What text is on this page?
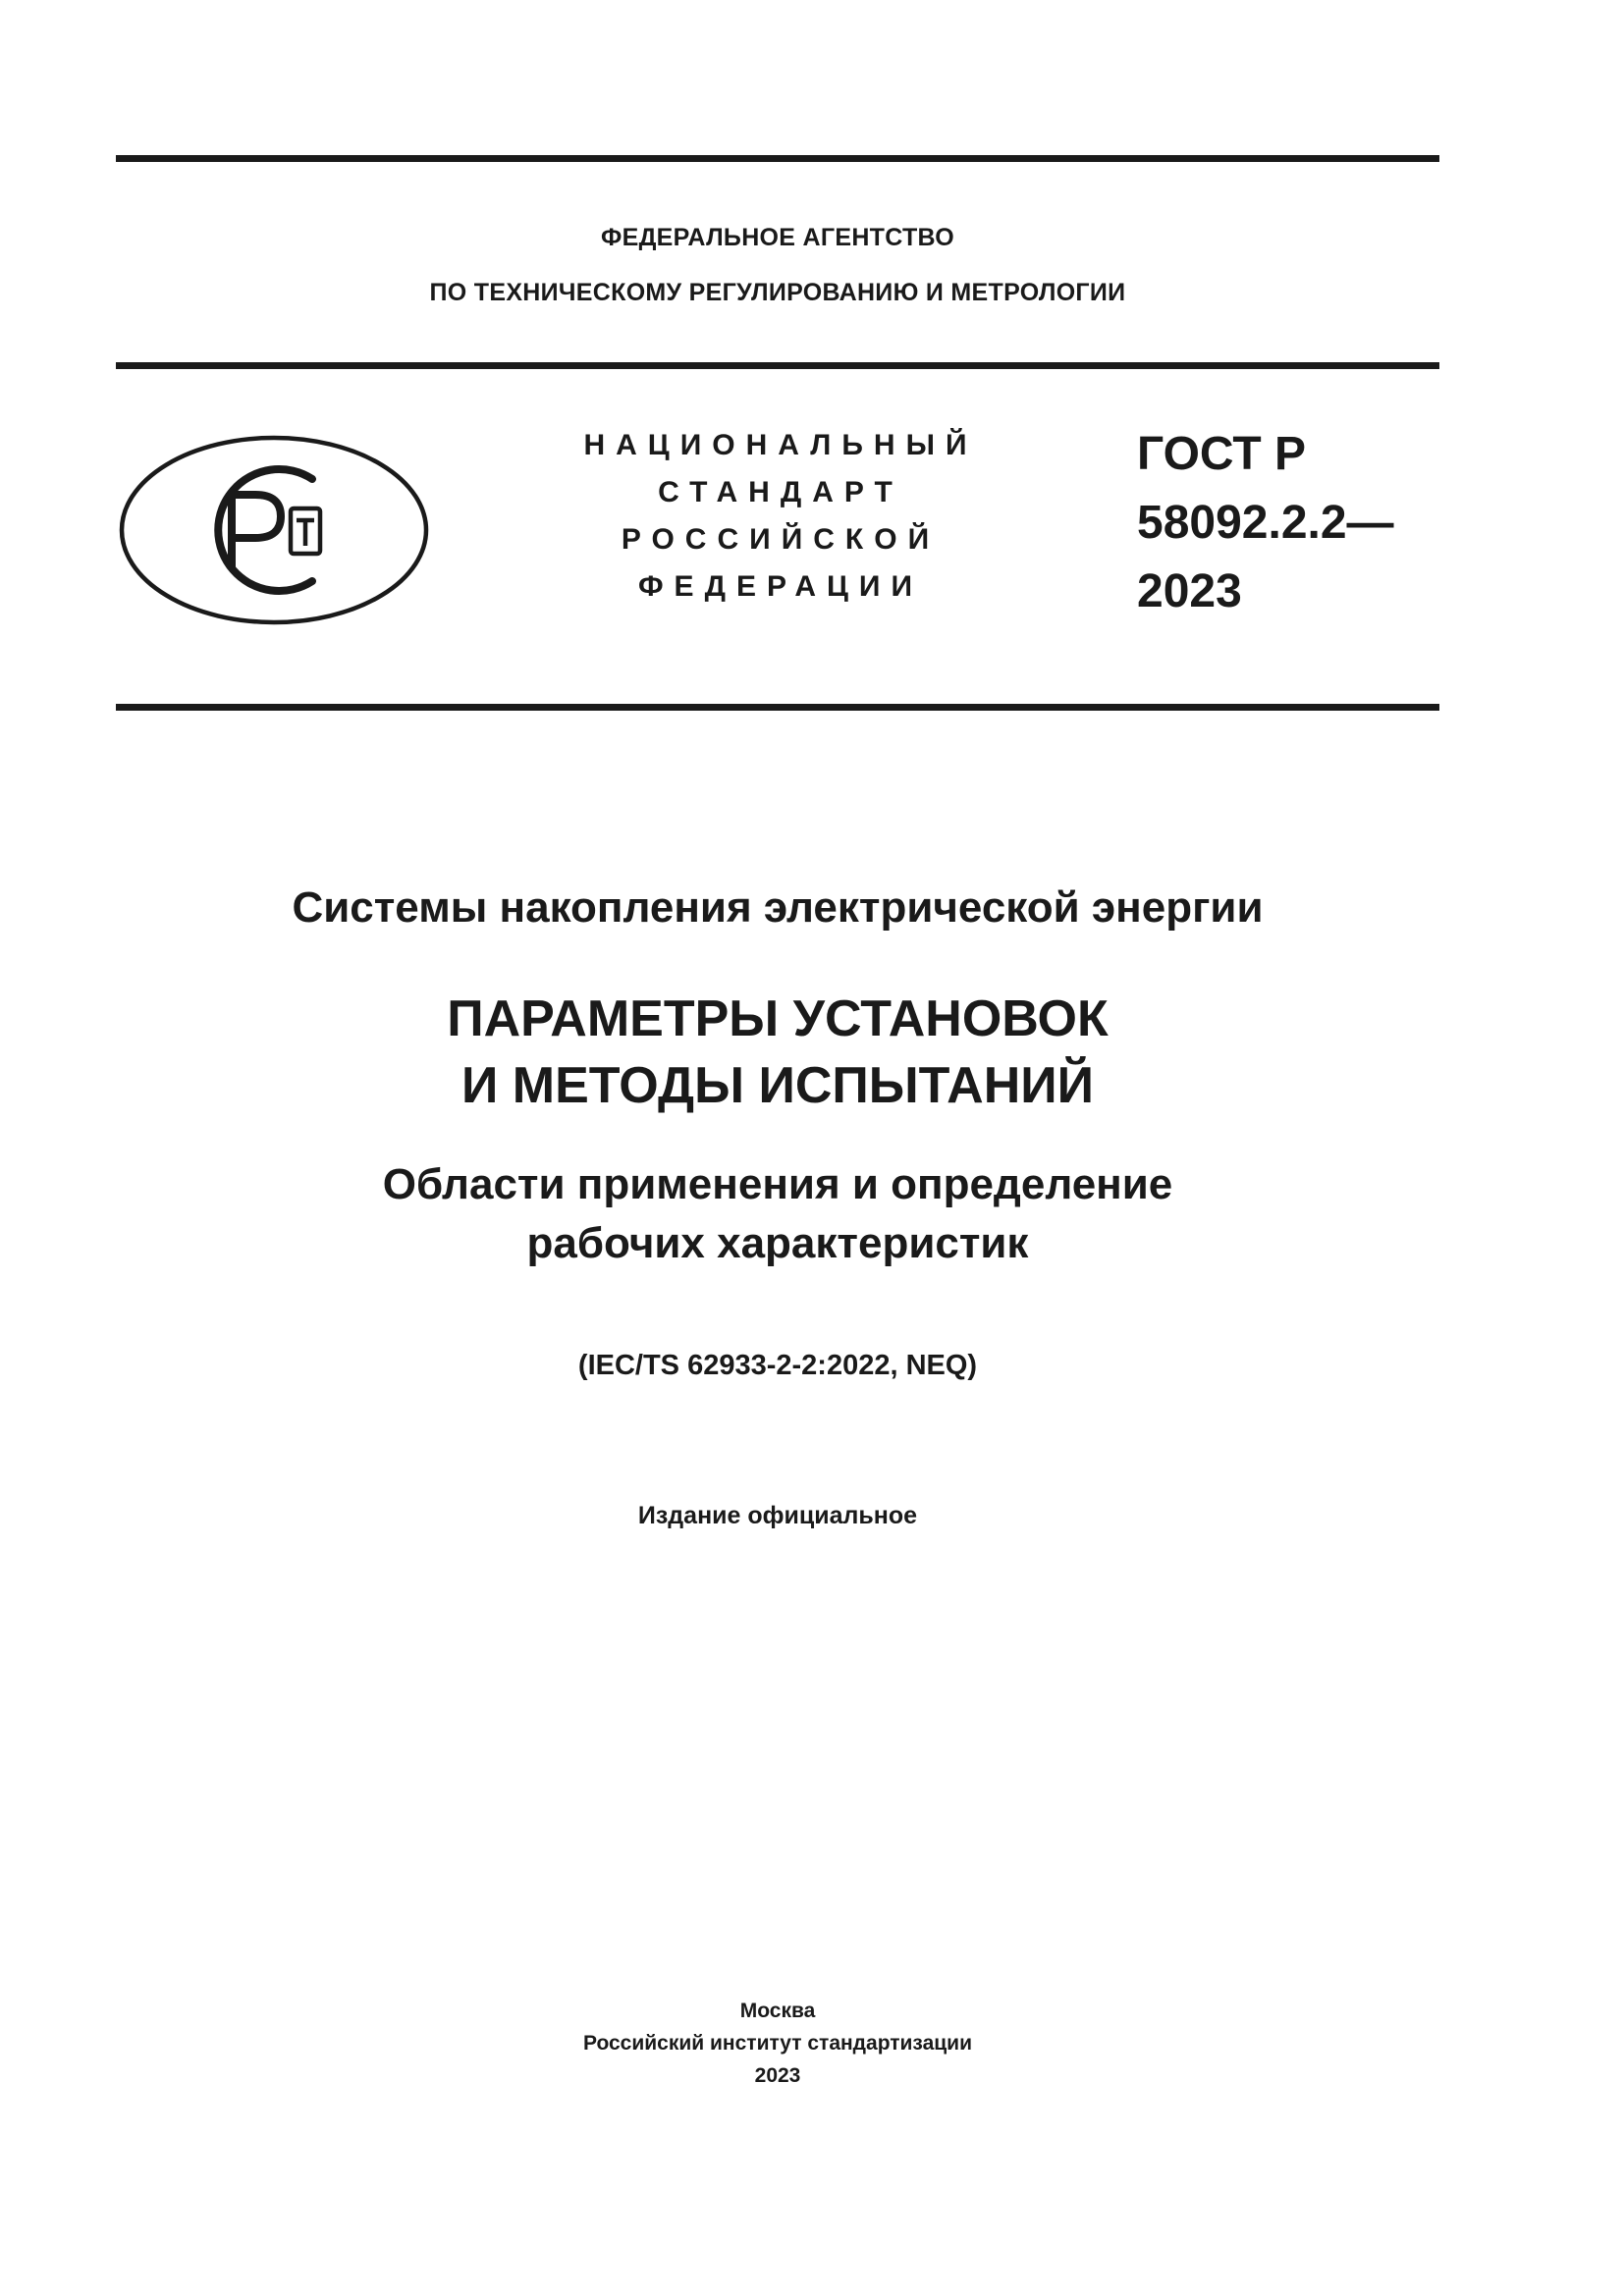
ФЕДЕРАЛЬНОЕ АГЕНТСТВО
ПО ТЕХНИЧЕСКОМУ РЕГУЛИРОВАНИЮ И МЕТРОЛОГИИ
НАЦИОНАЛЬНЫЙ
СТАНДАРТ
РОССИЙСКОЙ
ФЕДЕРАЦИИ
ГОСТ Р
58092.2.2—
2023
Системы накопления электрической энергии
ПАРАМЕТРЫ УСТАНОВОК
И МЕТОДЫ ИСПЫТАНИЙ
Области применения и определение
рабочих характеристик
(IEC/TS 62933-2-2:2022, NEQ)
Издание официальное
Москва
Российский институт стандартизации
2023
